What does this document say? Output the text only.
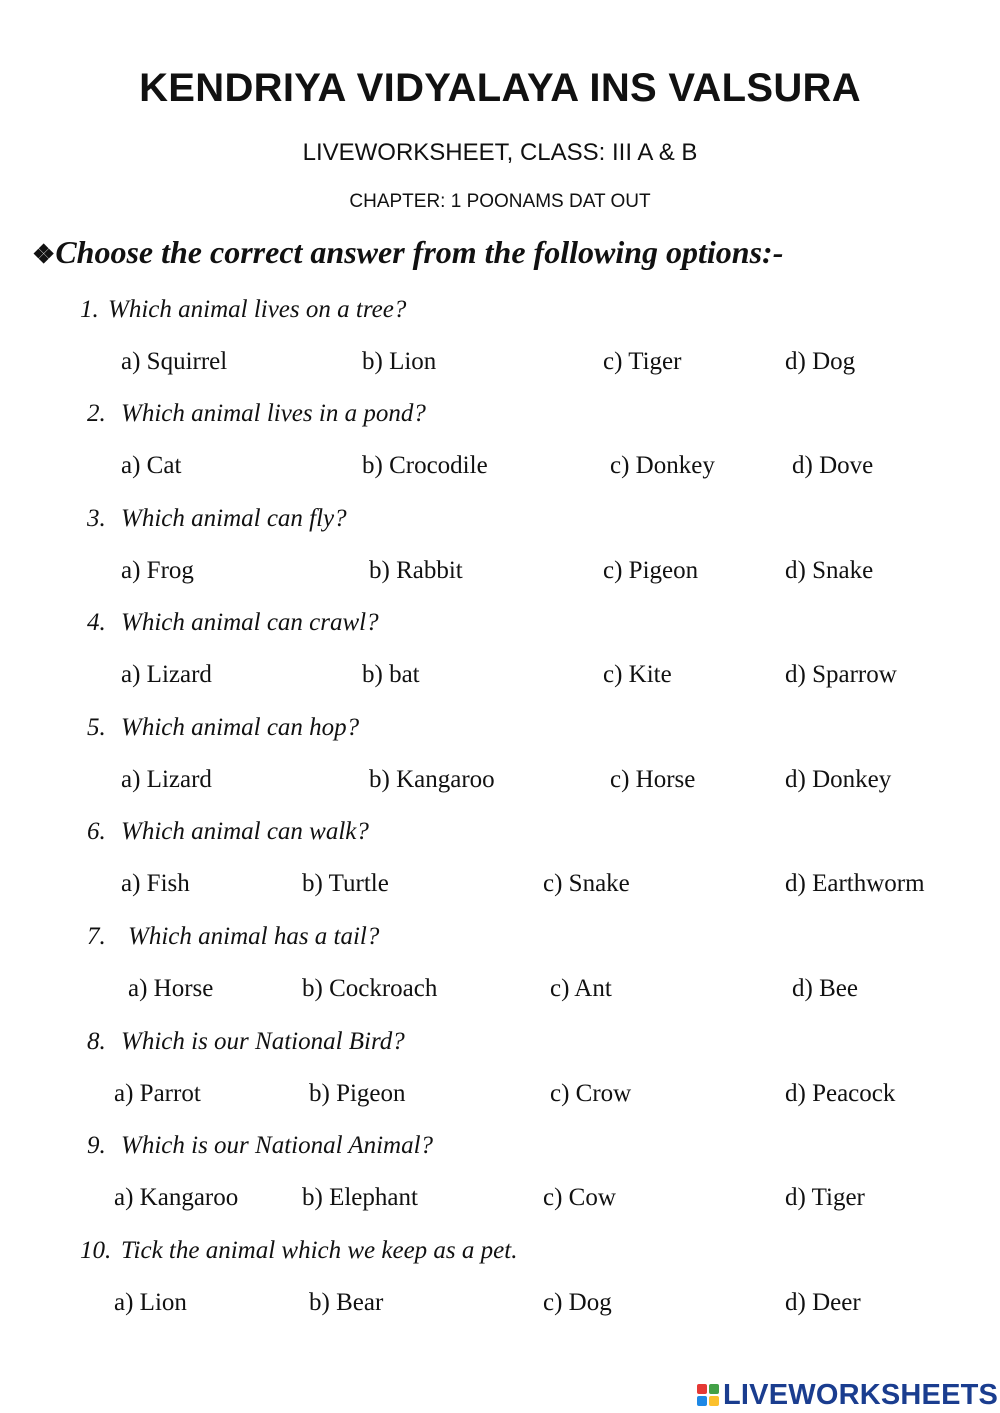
KENDRIYA VIDYALAYA INS VALSURA
LIVEWORKSHEET, CLASS: III A & B
CHAPTER: 1 POONAMS DAT OUT
❖Choose the correct answer from the following options:-
1. Which animal lives on a tree?
a) Squirrel	b) Lion	c) Tiger	d) Dog
2. Which animal lives in a pond?
a) Cat	b) Crocodile	c) Donkey	d) Dove
3. Which animal can fly?
a) Frog	b) Rabbit	c) Pigeon	d) Snake
4. Which animal can crawl?
a) Lizard	b) bat	c) Kite	d) Sparrow
5. Which animal can hop?
a) Lizard	b) Kangaroo	c) Horse	d) Donkey
6. Which animal can walk?
a) Fish	b) Turtle	c) Snake	d) Earthworm
7. Which animal has a tail?
a) Horse	b) Cockroach	c) Ant	d) Bee
8. Which is our National Bird?
a) Parrot	b) Pigeon	c) Crow	d) Peacock
9. Which is our National Animal?
a) Kangaroo	b) Elephant	c) Cow	d) Tiger
10. Tick the animal which we keep as a pet.
a) Lion	b) Bear	c) Dog	d) Deer
LIVEWORKSHEETS
